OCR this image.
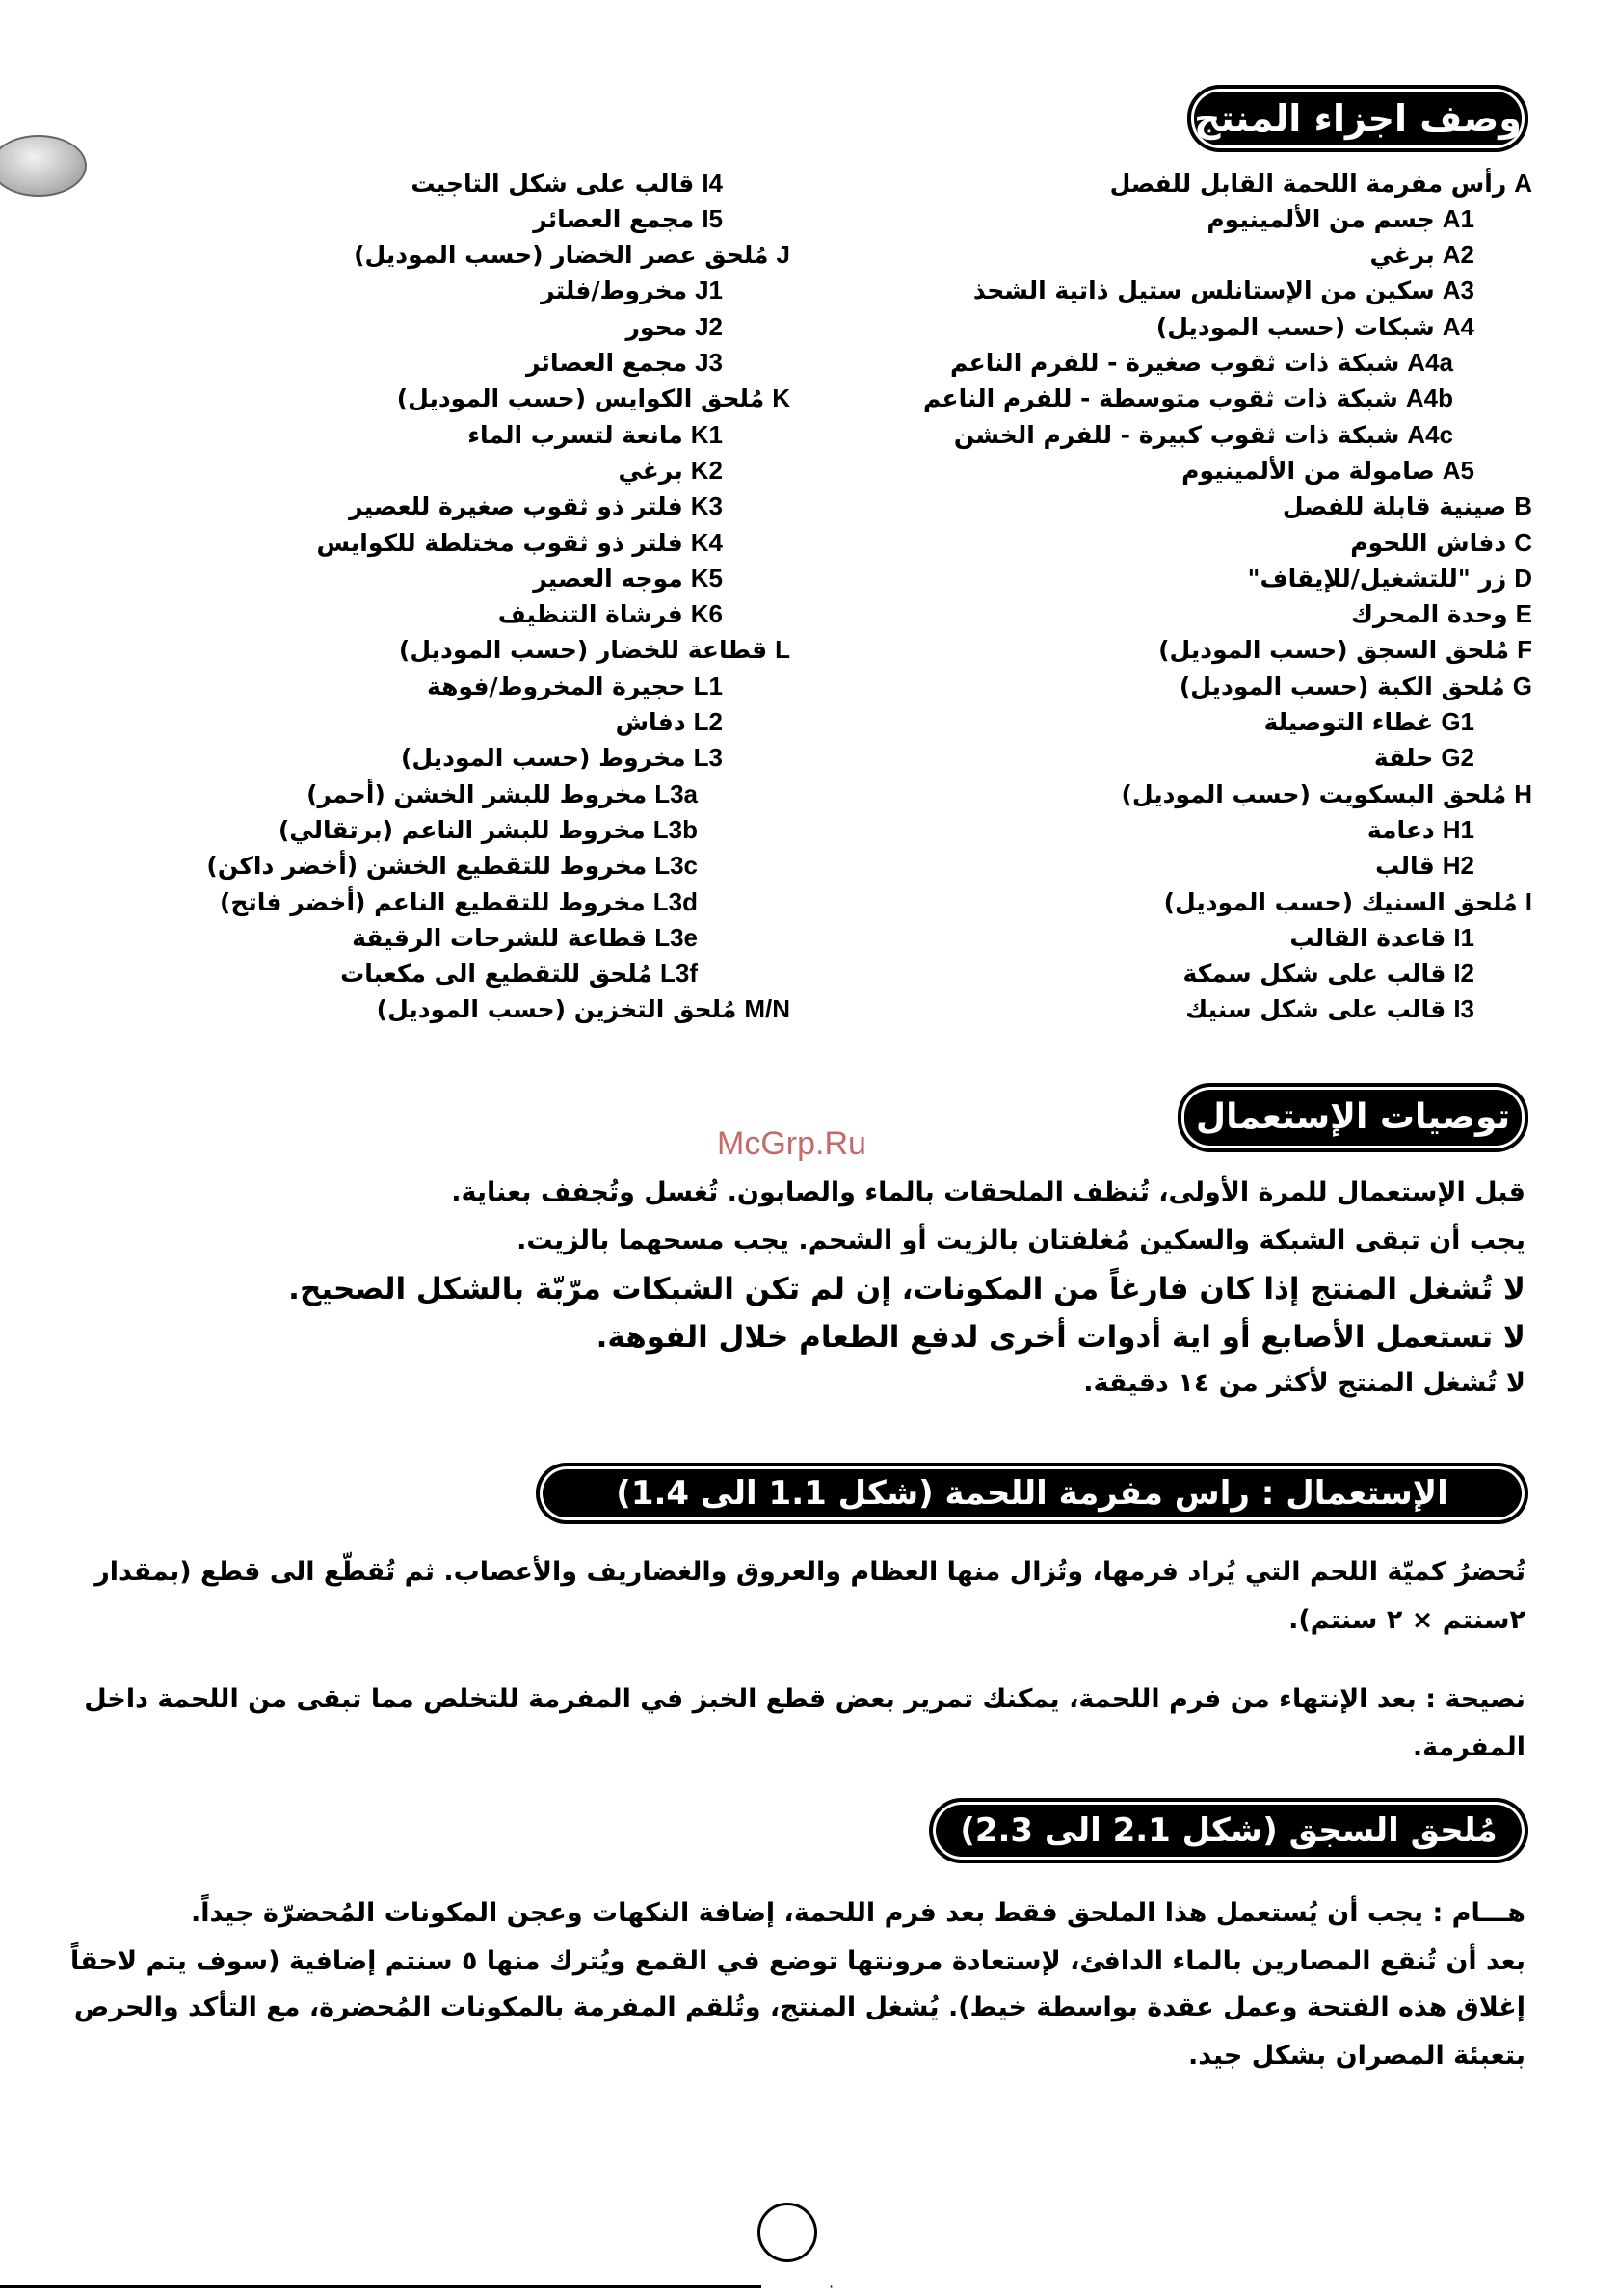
وصف اجزاء المنتج
A
رأس مفرمة اللحمة القابل للفصل
A1
جسم من الألمينيوم
A2
برغي
A3
سكين من الإستانلس ستيل ذاتية الشحذ
A4
شبكات (حسب الموديل)
A4a
شبكة ذات ثقوب صغيرة - للفرم الناعم
A4b
شبكة ذات ثقوب متوسطة - للفرم الناعم
A4c
شبكة ذات ثقوب كبيرة - للفرم الخشن
A5
صامولة من الألمينيوم
B
صينية قابلة للفصل
C
دفاش اللحوم
D
زر "للتشغيل/للإيقاف"
E
وحدة المحرك
F
مُلحق السجق (حسب الموديل)
G
مُلحق الكبة (حسب الموديل)
G1
غطاء التوصيلة
G2
حلقة
H
مُلحق البسكويت (حسب الموديل)
H1
دعامة
H2
قالب
I
مُلحق السنيك (حسب الموديل)
I1
قاعدة القالب
I2
قالب على شكل سمكة
I3
قالب على شكل سنيك
I4
قالب على شكل التاجيت
I5
مجمع العصائر
J
مُلحق عصر الخضار (حسب الموديل)
J1
مخروط/فلتر
J2
محور
J3
مجمع العصائر
K
مُلحق الكوايس (حسب الموديل)
K1
مانعة لتسرب الماء
K2
برغي
K3
فلتر ذو ثقوب صغيرة للعصير
K4
فلتر ذو ثقوب مختلطة للكوايس
K5
موجه العصير
K6
فرشاة التنظيف
L
قطاعة للخضار (حسب الموديل)
L1
حجيرة المخروط/فوهة
L2
دفاش
L3
مخروط (حسب الموديل)
L3a
مخروط للبشر الخشن (أحمر)
L3b
مخروط للبشر الناعم (برتقالي)
L3c
مخروط للتقطيع الخشن (أخضر داكن)
L3d
مخروط للتقطيع الناعم (أخضر فاتح)
L3e
قطاعة للشرحات الرقيقة
L3f
مُلحق للتقطيع الى مكعبات
M/N
مُلحق التخزين (حسب الموديل)
McGrp.Ru
توصيات الإستعمال
قبل الإستعمال للمرة الأولى، تُنظف الملحقات بالماء والصابون. تُغسل وتُجفف بعناية.
يجب أن تبقى الشبكة والسكين مُغلفتان بالزيت أو الشحم. يجب مسحهما بالزيت.
لا تُشغل المنتج إذا كان فارغاً من المكونات، إن لم تكن الشبكات مرّبّة بالشكل الصحيح.
لا تستعمل الأصابع أو اية أدوات أخرى لدفع الطعام خلال الفوهة.
لا تُشغل المنتج لأكثر من ١٤ دقيقة.
الإستعمال : راس مفرمة اللحمة (شكل 1.1 الى 1.4)
تُحضرُ كميّة اللحم التي يُراد فرمها، وتُزال منها العظام والعروق والغضاريف والأعصاب. ثم تُقطّع الى قطع (بمقدار
٢سنتم × ٢ سنتم).
نصيحة : بعد الإنتهاء من فرم اللحمة، يمكنك تمرير بعض قطع الخبز في المفرمة للتخلص مما تبقى من اللحمة داخل
المفرمة.
مُلحق السجق (شكل 2.1 الى 2.3)
هـــام : يجب أن يُستعمل هذا الملحق فقط بعد فرم اللحمة، إضافة النكهات وعجن المكونات المُحضرّة جيداً.
بعد أن تُنقع المصارين بالماء الدافئ، لإستعادة مرونتها توضع في القمع ويُترك منها ٥ سنتم إضافية (سوف يتم لاحقاً
إغلاق هذه الفتحة وعمل عقدة بواسطة خيط). يُشغل المنتج، وتُلقم المفرمة بالمكونات المُحضرة، مع التأكد والحرص
بتعبئة المصران بشكل جيد.
·
